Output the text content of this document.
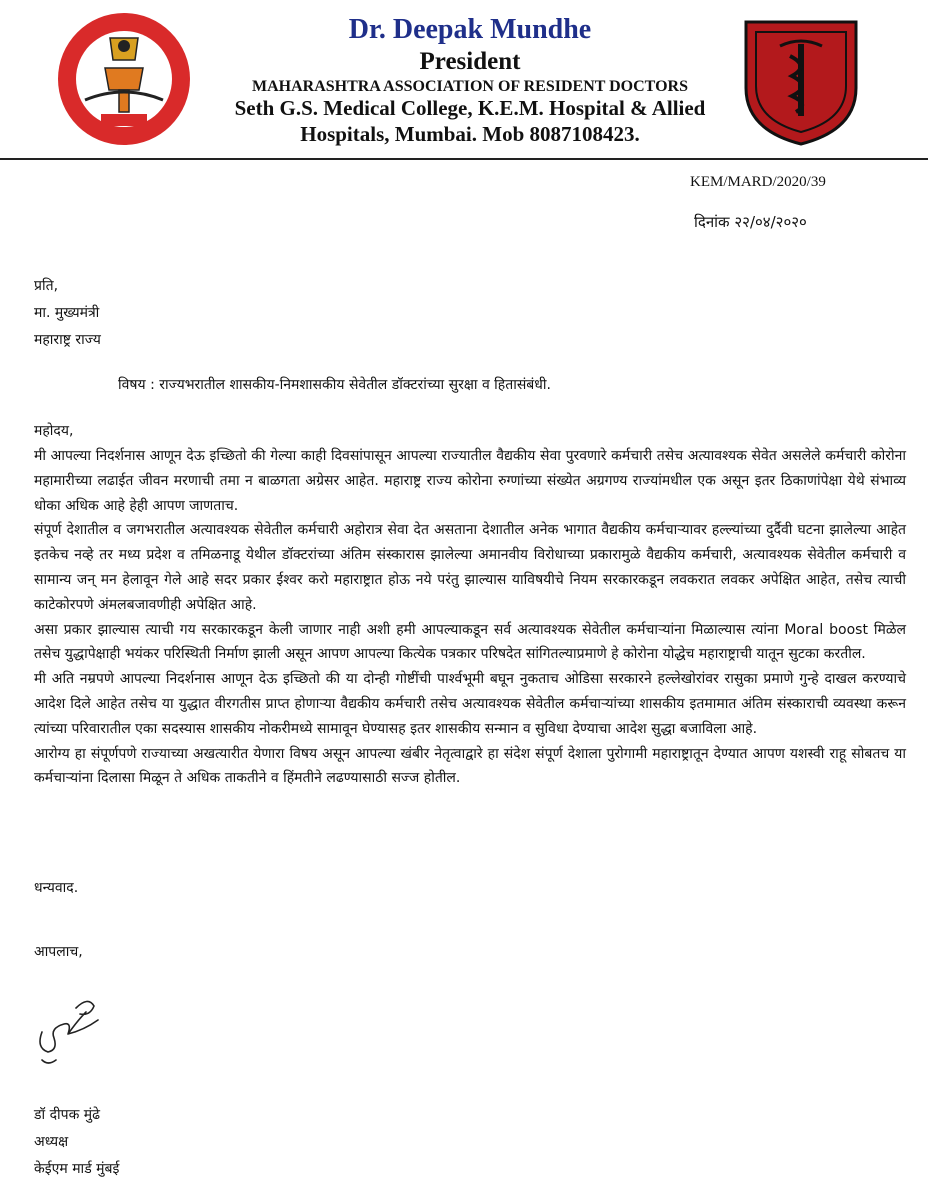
Dr. Deepak Mundhe
President
MAHARASHTRA ASSOCIATION OF RESIDENT DOCTORS
Seth G.S. Medical College, K.E.M. Hospital & Allied
Hospitals, Mumbai. Mob 8087108423.
KEM/MARD/2020/39
दिनांक २२/०४/२०२०
प्रति,
मा. मुख्यमंत्री
महाराष्ट्र राज्य
विषय : राज्यभरातील शासकीय-निमशासकीय सेवेतील डॉक्टरांच्या सुरक्षा व हितासंबंधी.
महोदय,

मी आपल्या निदर्शनास आणून देऊ इच्छितो की गेल्या काही दिवसांपासून आपल्या राज्यातील वैद्यकीय सेवा पुरवणारे कर्मचारी तसेच अत्यावश्यक सेवेत असलेले कर्मचारी कोरोना महामारीच्या लढाईत जीवन मरणाची तमा न बाळगता अग्रेसर आहेत. महाराष्ट्र राज्य कोरोना रुग्णांच्या संख्येत अग्रगण्य राज्यांमधील एक असून इतर ठिकाणांपेक्षा येथे संभाव्य धोका अधिक आहे हेही आपण जाणताच.

संपूर्ण देशातील व जगभरातील अत्यावश्यक सेवेतील कर्मचारी अहोरात्र सेवा देत असताना देशातील अनेक भागात वैद्यकीय कर्मचाऱ्यावर हल्ल्यांच्या दुर्दैवी घटना झालेल्या आहेत इतकेच नव्हे तर मध्य प्रदेश व तमिळनाडू येथील डॉक्टरांच्या अंतिम संस्कारास झालेल्या अमानवीय विरोधाच्या प्रकारामुळे वैद्यकीय कर्मचारी, अत्यावश्यक सेवेतील कर्मचारी व सामान्य जन् मन हेलावून गेले आहे सदर प्रकार ईश्वर करो महाराष्ट्रात होऊ नये परंतु झाल्यास याविषयीचे नियम सरकारकडून लवकरात लवकर अपेक्षित आहेत, तसेच त्याची काटेकोरपणे अंमलबजावणीही अपेक्षित आहे.

असा प्रकार झाल्यास त्याची गय सरकारकडून केली जाणार नाही अशी हमी आपल्याकडून सर्व अत्यावश्यक सेवेतील कर्मचाऱ्यांना मिळाल्यास त्यांना Moral boost मिळेल तसेच युद्धापेक्षाही भयंकर परिस्थिती निर्माण झाली असून आपण आपल्या कित्येक पत्रकार परिषदेत सांगितल्याप्रमाणे हे कोरोना योद्धेच महाराष्ट्राची यातून सुटका करतील.

मी अति नम्रपणे आपल्या निदर्शनास आणून देऊ इच्छितो की या दोन्ही गोष्टींची पार्श्वभूमी बघून नुकताच ओडिसा सरकारने हल्लेखोरांवर रासुका प्रमाणे गुन्हे दाखल करण्याचे आदेश दिले आहेत तसेच या युद्धात वीरगतीस प्राप्त होणाऱ्या वैद्यकीय कर्मचारी तसेच अत्यावश्यक सेवेतील कर्मचाऱ्यांच्या शासकीय इतमामात अंतिम संस्काराची व्यवस्था करून त्यांच्या परिवारातील एका सदस्यास शासकीय नोकरीमध्ये सामावून घेण्यासह इतर शासकीय सन्मान व सुविधा देण्याचा आदेश सुद्धा बजाविला आहे.

आरोग्य हा संपूर्णपणे राज्याच्या अखत्यारीत येणारा विषय असून आपल्या खंबीर नेतृत्वाद्वारे हा संदेश संपूर्ण देशाला पुरोगामी महाराष्ट्रातून देण्यात आपण यशस्वी राहू सोबतच या कर्मचाऱ्यांना दिलासा मिळून ते अधिक ताकतीने व हिंमतीने लढण्यासाठी सज्ज होतील.

धन्यवाद.
आपलाच,
डॉ दीपक मुंढे
अध्यक्ष
केईएम मार्ड मुंबई
